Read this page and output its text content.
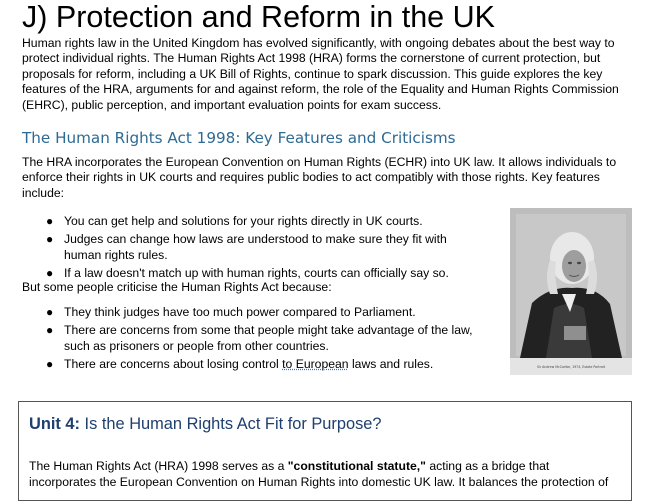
J) Protection and Reform in the UK

Human rights law in the United Kingdom has evolved significantly, with ongoing debates about the best way to protect individual rights. The Human Rights Act 1998 (HRA) forms the cornerstone of current protection, but proposals for reform, including a UK Bill of Rights, continue to spark discussion. This guide explores the key features of the HRA, arguments for and against reform, the role of the Equality and Human Rights Commission (EHRC), public perception, and important evaluation points for exam success.

The Human Rights Act 1998: Key Features and Criticisms

The HRA incorporates the European Convention on Human Rights (ECHR) into UK law. It allows individuals to enforce their rights in UK courts and requires public bodies to act compatibly with those rights. Key features include:

● You can get help and solutions for your rights directly in UK courts.
● Judges can change how laws are understood to make sure they fit with human rights rules.
● If a law doesn't match up with human rights, courts can officially say so.

But some people criticise the Human Rights Act because:

● They think judges have too much power compared to Parliament.
● There are concerns from some that people might take advantage of the law, such as prisoners or people from other countries.
● There are concerns about losing control to European laws and rules.	Sir Andrew McCaribe, 1974, Estate Portrait
Unit 4: Is the Human Rights Act Fit for Purpose?

The Human Rights Act (HRA) 1998 serves as a "constitutional statute," acting as a bridge that incorporates the European Convention on Human Rights into domestic UK law. It balances the protection of
